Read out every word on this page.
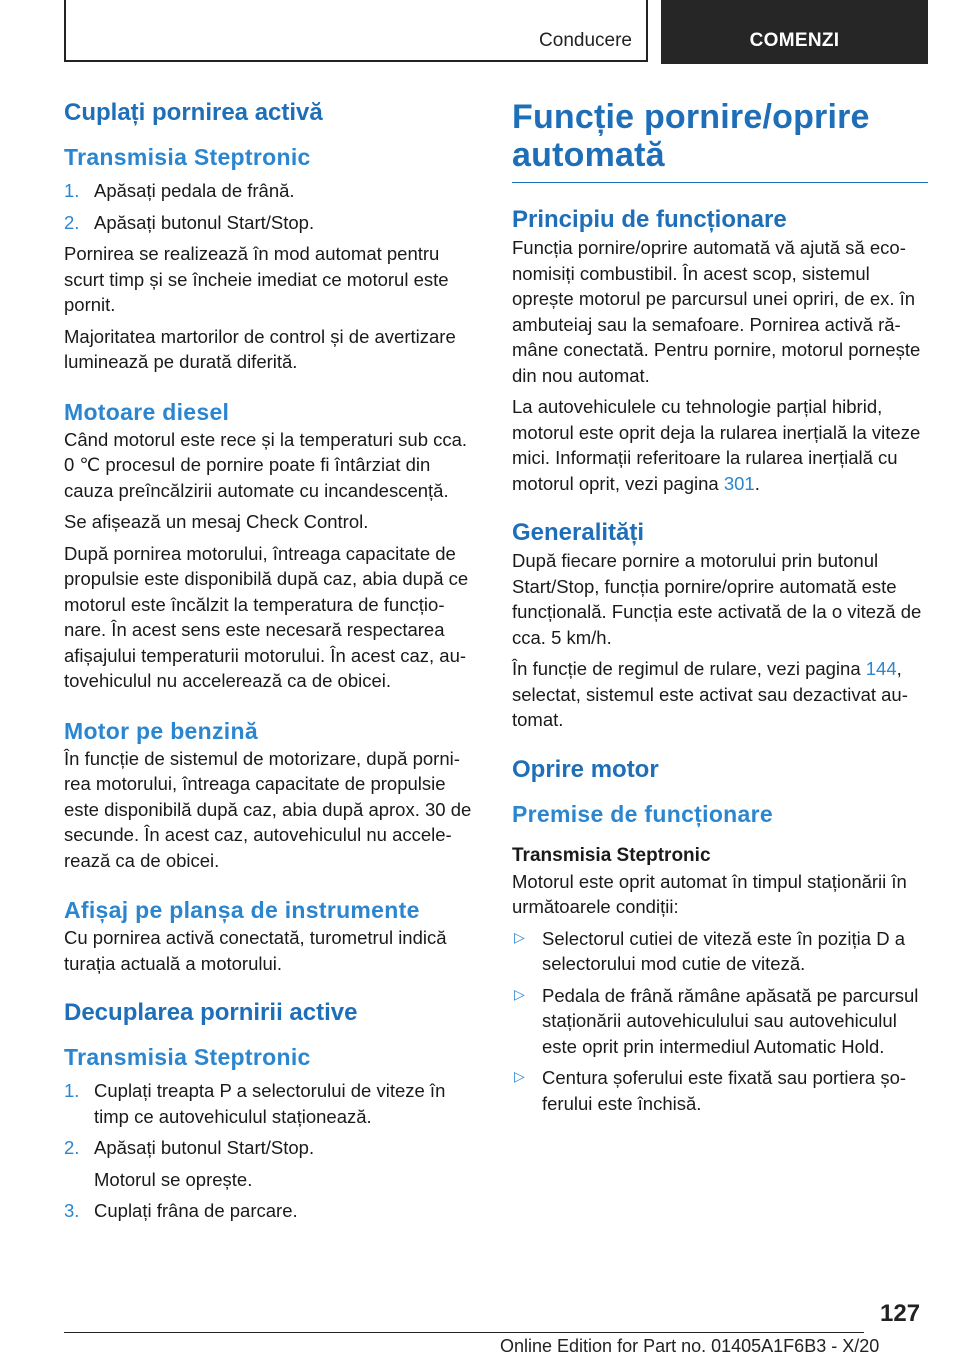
Conducere	COMENZI
Cuplați pornirea activă
Transmisia Steptronic
1. Apăsați pedala de frână.
2. Apăsați butonul Start/Stop.

Pornirea se realizează în mod automat pentru scurt timp și se încheie imediat ce motorul este pornit.

Majoritatea martorilor de control și de avertizare luminează pe durată diferită.

Motoare diesel

Când motorul este rece și la temperaturi sub cca. 0 ℃ procesul de pornire poate fi întârziat din cauza preîncălzirii automate cu incandescență.

Se afișează un mesaj Check Control.

După pornirea motorului, întreaga capacitate de propulsie este disponibilă după caz, abia după ce motorul este încălzit la temperatura de funcționare. În acest sens este necesară respectarea afișajului temperaturii motorului. În acest caz, autovehiculul nu accelerează ca de obicei.

Motor pe benzină

În funcție de sistemul de motorizare, după pornirea motorului, întreaga capacitate de propulsie este disponibilă după caz, abia după aprox. 30 de secunde. În acest caz, autovehiculul nu accelerează ca de obicei.

Afișaj pe planșa de instrumente

Cu pornirea activă conectată, turometrul indică turația actuală a motorului.

Decuplarea pornirii active
Transmisia Steptronic
1. Cuplați treapta P a selectorului de viteze în timp ce autovehiculul staționează.
2. Apăsați butonul Start/Stop.
Motorul se oprește.
3. Cuplați frâna de parcare.
Funcție pornire/oprire automată
Principiu de funcționare

Funcția pornire/oprire automată vă ajută să economisiți combustibil. În acest scop, sistemul oprește motorul pe parcursul unei opriri, de ex. în ambuteiaj sau la semafoare. Pornirea activă rămâne conectată. Pentru pornire, motorul pornește din nou automat.

La autovehiculele cu tehnologie parțial hibrid, motorul este oprit deja la rularea inerțială la viteze mici. Informații referitoare la rularea inerțială cu motorul oprit, vezi pagina 301.

Generalități

După fiecare pornire a motorului prin butonul Start/Stop, funcția pornire/oprire automată este funcțională. Funcția este activată de la o viteză de cca. 5 km/h.

În funcție de regimul de rulare, vezi pagina 144, selectat, sistemul este activat sau dezactivat automat.

Oprire motor
Premise de funcționare
Transmisia Steptronic

Motorul este oprit automat în timpul staționării în următoarele condiții:

▷ Selectorul cutiei de viteză este în poziția D a selectorului mod cutie de viteză.
▷ Pedala de frână rămâne apăsată pe parcursul staționării autovehiculului sau autovehiculul este oprit prin intermediul Automatic Hold.
▷ Centura șoferului este fixată sau portiera șoferului este închisă.
127
Online Edition for Part no. 01405A1F6B3 - X/20
